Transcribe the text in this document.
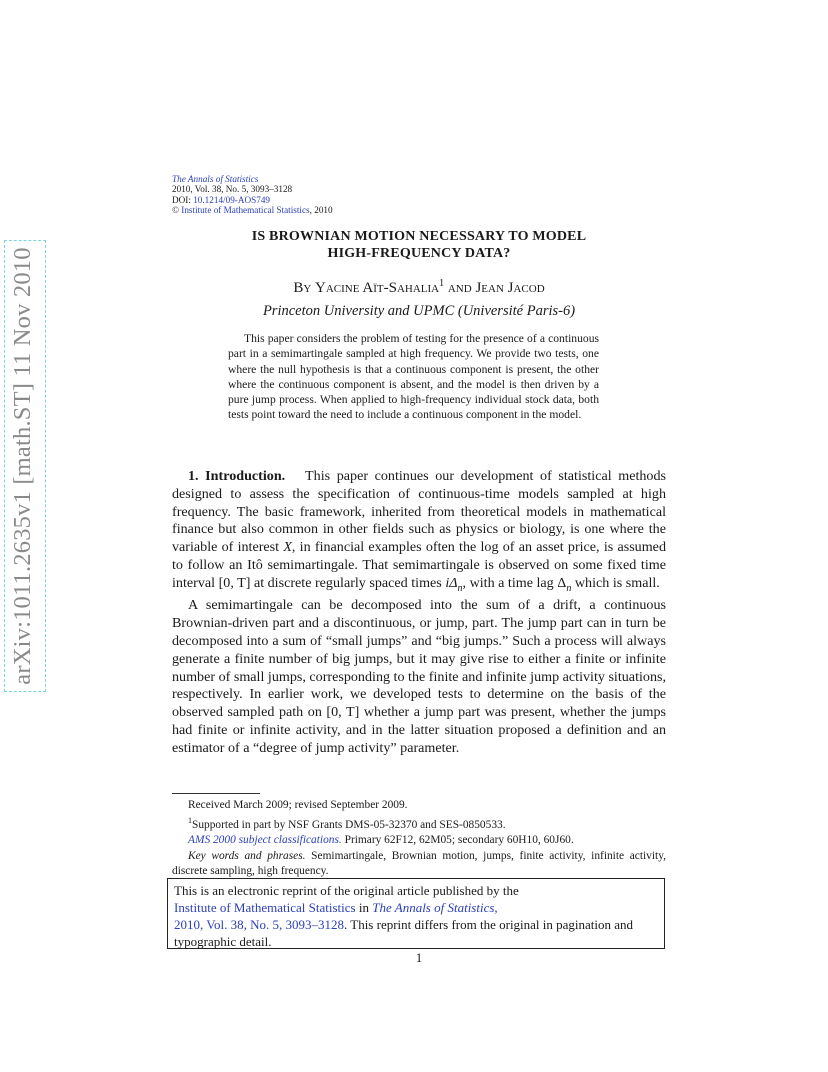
arXiv:1011.2635v1 [math.ST] 11 Nov 2010
The Annals of Statistics
2010, Vol. 38, No. 5, 3093–3128
DOI: 10.1214/09-AOS749
© Institute of Mathematical Statistics, 2010
IS BROWNIAN MOTION NECESSARY TO MODEL
HIGH-FREQUENCY DATA?
By Yacine Aït-Sahalia$^1$ and Jean Jacod
Princeton University and UPMC (Université Paris-6)
This paper considers the problem of testing for the presence of a continuous part in a semimartingale sampled at high frequency. We provide two tests, one where the null hypothesis is that a continuous component is present, the other where the continuous component is absent, and the model is then driven by a pure jump process. When applied to high-frequency individual stock data, both tests point toward the need to include a continuous component in the model.

1. Introduction. This paper continues our development of statistical methods designed to assess the specification of continuous-time models sampled at high frequency. The basic framework, inherited from theoretical models in mathematical finance but also common in other fields such as physics or biology, is one where the variable of interest X, in financial examples often the log of an asset price, is assumed to follow an Itô semimartingale. That semimartingale is observed on some fixed time interval [0, T] at discrete regularly spaced times $i\Delta_n$, with a time lag $\Delta_n$ which is small.

A semimartingale can be decomposed into the sum of a drift, a continuous Brownian-driven part and a discontinuous, or jump, part. The jump part can in turn be decomposed into a sum of “small jumps” and “big jumps.” Such a process will always generate a finite number of big jumps, but it may give rise to either a finite or infinite number of small jumps, corresponding to the finite and infinite jump activity situations, respectively. In earlier work, we developed tests to determine on the basis of the observed sampled path on [0, T] whether a jump part was present, whether the jumps had finite or infinite activity, and in the latter situation proposed a definition and an estimator of a “degree of jump activity” parameter.

Received March 2009; revised September 2009.

$^1$Supported in part by NSF Grants DMS-05-32370 and SES-0850533.

AMS 2000 subject classifications. Primary 62F12, 62M05; secondary 60H10, 60J60.

Key words and phrases. Semimartingale, Brownian motion, jumps, finite activity, infinite activity, discrete sampling, high frequency.

This is an electronic reprint of the original article published by the
Institute of Mathematical Statistics in The Annals of Statistics,
2010, Vol. 38, No. 5, 3093–3128. This reprint differs from the original in pagination and typographic detail.
1
